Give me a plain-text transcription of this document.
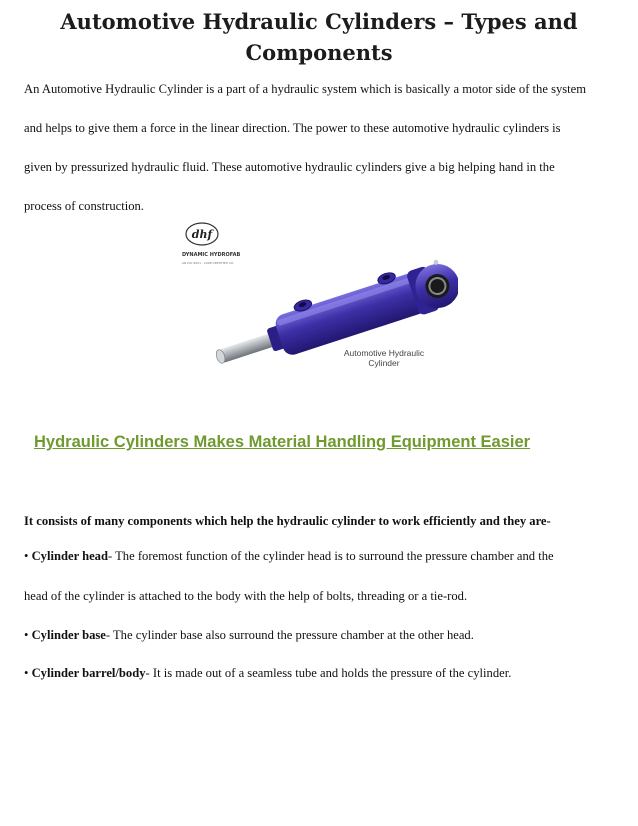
Automotive Hydraulic Cylinders – Types and Components

An Automotive Hydraulic Cylinder is a part of a hydraulic system which is basically a motor side of the system

and helps to give them a force in the linear direction. The power to these automotive hydraulic cylinders is

given by pressurized hydraulic fluid. These automotive hydraulic cylinders give a big helping hand in the

process of construction.

dhf
DYNAMIC HYDROFAB
AN ISO 9001 : 2008 CERTIFIED CO.
Automotive Hydraulic
Cylinder
Hydraulic Cylinders Makes Material Handling Equipment Easier

It consists of many components which help the hydraulic cylinder to work efficiently and they are-

• Cylinder head- The foremost function of the cylinder head is to surround the pressure chamber and the

head of the cylinder is attached to the body with the help of bolts, threading or a tie-rod.

• Cylinder base- The cylinder base also surround the pressure chamber at the other head.

• Cylinder barrel/body- It is made out of a seamless tube and holds the pressure of the cylinder.
